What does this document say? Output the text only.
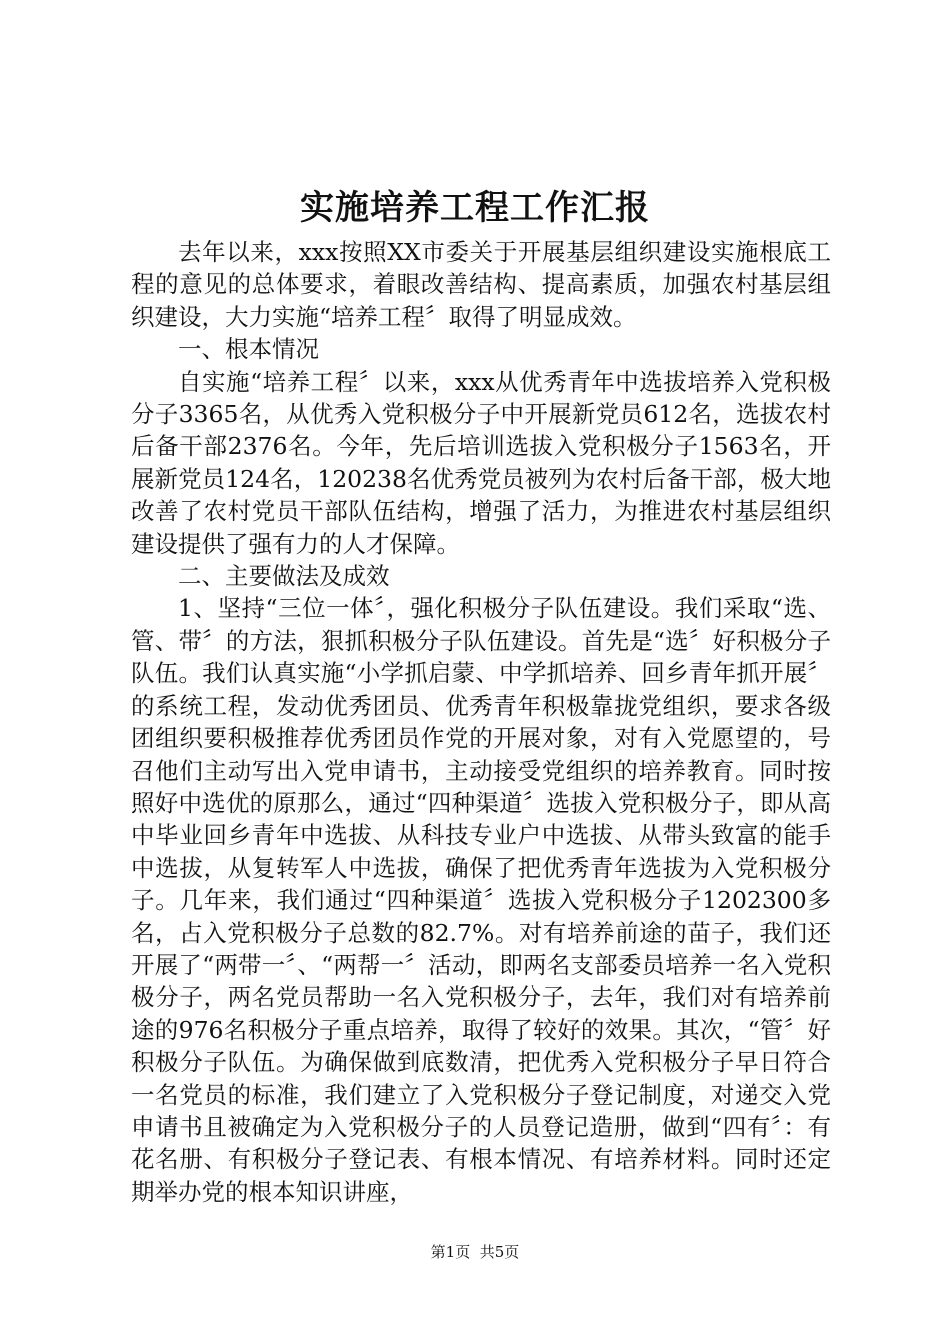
实施培养工程工作汇报

去年以来，xxx按照XX市委关于开展基层组织建设实施根底工程的意见的总体要求，着眼改善结构、提高素质，加强农村基层组织建设，大力实施“培养工程〞取得了明显成效。

一、根本情况

自实施“培养工程〞以来，xxx从优秀青年中选拔培养入党积极分子3365名，从优秀入党积极分子中开展新党员612名，选拔农村后备干部2376名。今年，先后培训选拔入党积极分子1563名，开展新党员124名，120238名优秀党员被列为农村后备干部，极大地改善了农村党员干部队伍结构，增强了活力，为推进农村基层组织建设提供了强有力的人才保障。

二、主要做法及成效

1、坚持“三位一体〞，强化积极分子队伍建设。我们采取“选、管、带〞的方法，狠抓积极分子队伍建设。首先是“选〞好积极分子队伍。我们认真实施“小学抓启蒙、中学抓培养、回乡青年抓开展〞的系统工程，发动优秀团员、优秀青年积极靠拢党组织，要求各级团组织要积极推荐优秀团员作党的开展对象，对有入党愿望的，号召他们主动写出入党申请书，主动接受党组织的培养教育。同时按照好中选优的原那么，通过“四种渠道〞选拔入党积极分子，即从高中毕业回乡青年中选拔、从科技专业户中选拔、从带头致富的能手中选拔，从复转军人中选拔，确保了把优秀青年选拔为入党积极分子。几年来，我们通过“四种渠道〞选拔入党积极分子1202300多名，占入党积极分子总数的82.7%。对有培养前途的苗子，我们还开展了“两带一〞、“两帮一〞活动，即两名支部委员培养一名入党积极分子，两名党员帮助一名入党积极分子，去年，我们对有培养前途的976名积极分子重点培养，取得了较好的效果。其次，“管〞好积极分子队伍。为确保做到底数清，把优秀入党积极分子早日符合一名党员的标准，我们建立了入党积极分子登记制度，对递交入党申请书且被确定为入党积极分子的人员登记造册，做到“四有〞：有花名册、有积极分子登记表、有根本情况、有培养材料。同时还定期举办党的根本知识讲座，

第1页 共5页
